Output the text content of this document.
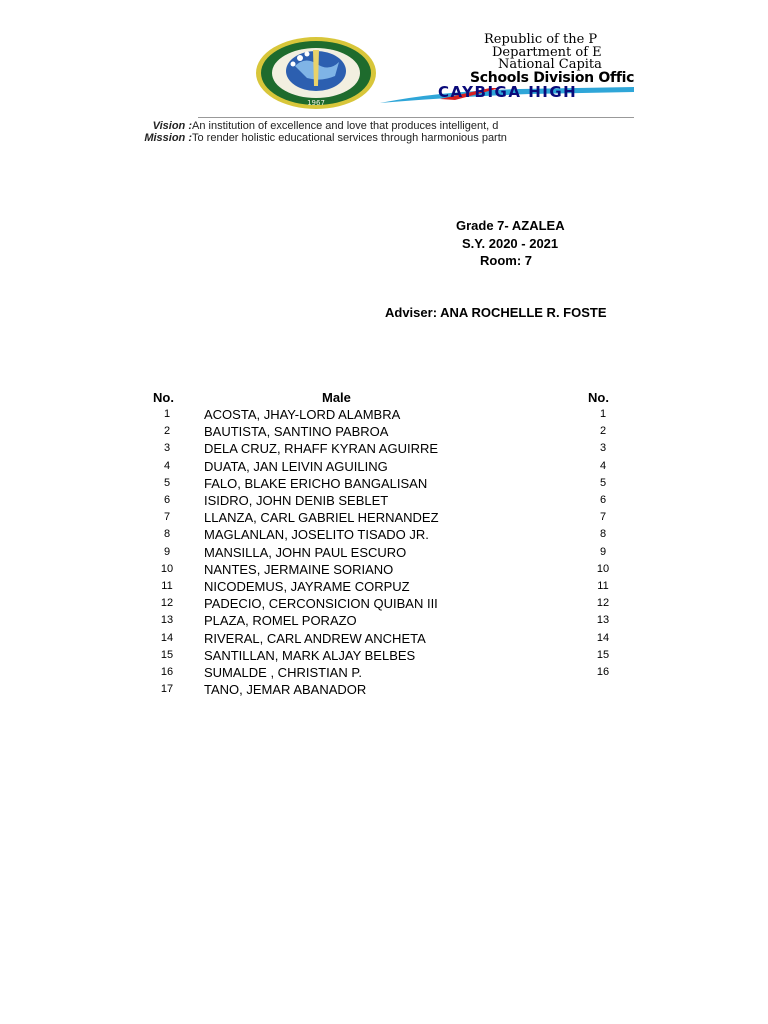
1967
Republic of the P
Department of E
National Capita
Schools Division Offic
CAYBIGA HIGH
Vision :An institution of excellence and love that produces intelligent, d
Mission :To render holistic educational services through harmonious partn
Grade 7- AZALEA
S.Y. 2020 - 2021
Room: 7
Adviser: ANA ROCHELLE R. FOSTE
No.	Male	No.
1	ACOSTA, JHAY-LORD ALAMBRA	1
2	BAUTISTA, SANTINO PABROA	2
3	DELA CRUZ, RHAFF KYRAN AGUIRRE	3
4	DUATA, JAN LEIVIN AGUILING	4
5	FALO, BLAKE ERICHO BANGALISAN	5
6	ISIDRO, JOHN DENIB SEBLET	6
7	LLANZA, CARL GABRIEL HERNANDEZ	7
8	MAGLANLAN, JOSELITO TISADO JR.	8
9	MANSILLA, JOHN PAUL ESCURO	9
10	NANTES, JERMAINE SORIANO	10
11	NICODEMUS, JAYRAME CORPUZ	11
12	PADECIO, CERCONSICION QUIBAN III	12
13	PLAZA, ROMEL PORAZO	13
14	RIVERAL, CARL ANDREW ANCHETA	14
15	SANTILLAN, MARK ALJAY BELBES	15
16	SUMALDE , CHRISTIAN P.	16
17	TANO, JEMAR ABANADOR
